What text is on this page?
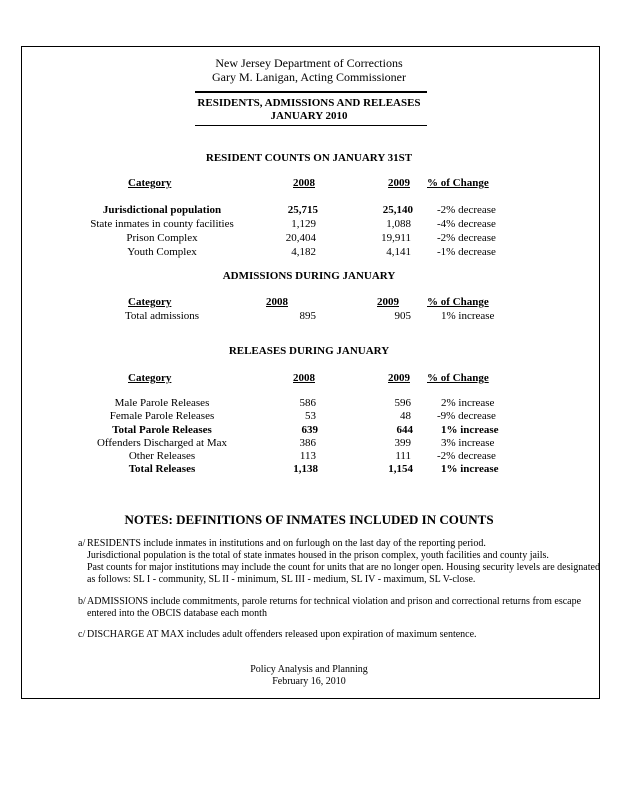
New Jersey Department of Corrections
Gary M. Lanigan, Acting Commissioner
RESIDENTS, ADMISSIONS AND RELEASES
JANUARY 2010
RESIDENT COUNTS ON JANUARY 31ST
Category	2008	2009 % of Change
Jurisdictional population	25,715	25,140 -2% decrease
State inmates in county facilities	1,129	1,088 -4% decrease
Prison Complex	20,404	19,911 -2% decrease
Youth Complex	4,182	4,141 -1% decrease
ADMISSIONS DURING JANUARY
Category	2008	2009	% of Change
Total admissions	895	905	1% increase
RELEASES DURING JANUARY
Category	2008	2009 % of Change
Male Parole Releases	586	596	2% increase
Female Parole Releases	53	48 -9% decrease
Total Parole Releases	639	644	1% increase
Offenders Discharged at Max	386	399	3% increase
Other Releases	113	111 -2% decrease
Total Releases	1,138	1,154	1% increase
NOTES: DEFINITIONS OF INMATES INCLUDED IN COUNTS
a/ RESIDENTS include inmates in institutions and on furlough on the last day of the reporting period.
Jurisdictional population is the total of state inmates housed in the prison complex, youth facilities and county jails.
Past counts for major institutions may include the count for units that are no longer open. Housing security levels are designated
as follows: SL I - community, SL II - minimum, SL III - medium, SL IV - maximum, SL V-close.
b/ ADMISSIONS include commitments, parole returns for technical violation and prison and correctional returns from escape
entered into the OBCIS database each month
c/ DISCHARGE AT MAX includes adult offenders released upon expiration of maximum sentence.
Policy Analysis and Planning
February 16, 2010
